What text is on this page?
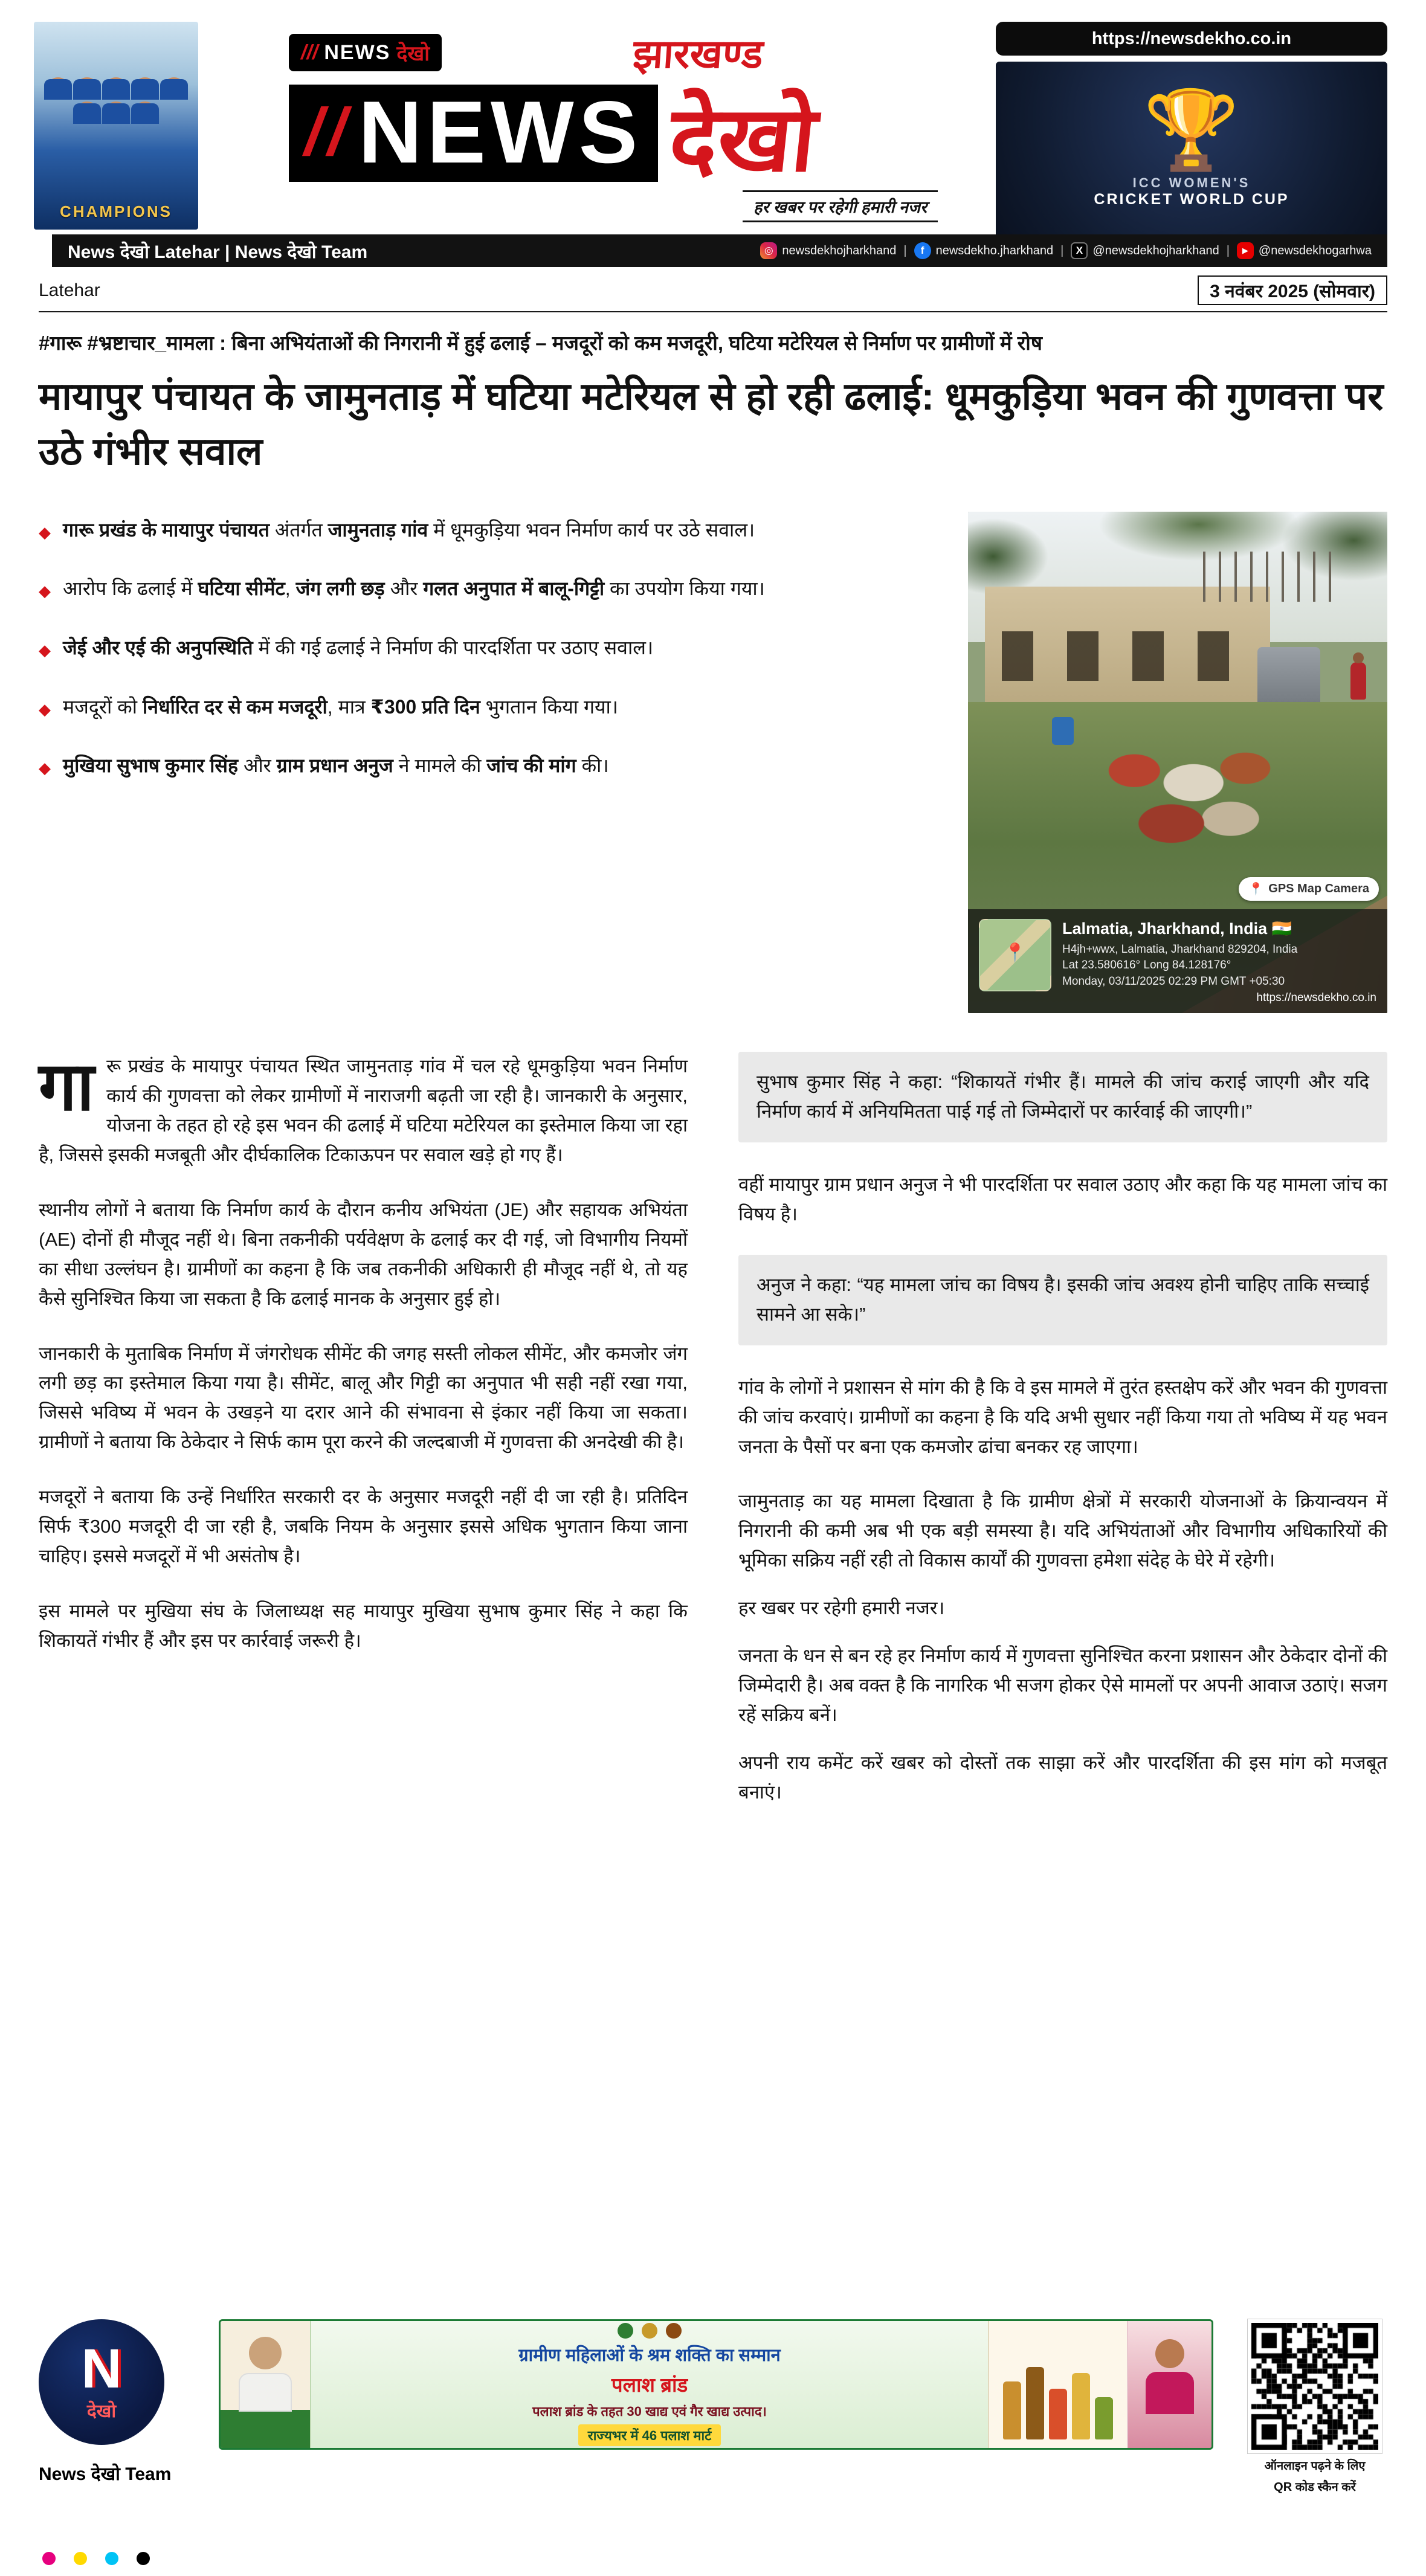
CHAMPIONS
/// NEWS देखो	झारखण्ड
// NEWS देखो
हर खबर पर रहेगी हमारी नजर
https://newsdekho.co.in
🏆
ICC WOMEN'S
CRICKET WORLD CUP
News देखो Latehar | News देखो Team	◎ newsdekhojharkhand |	f newsdekho.jharkhand |	X @newsdekhojharkhand |	▶ @newsdekhogarhwa
Latehar	3 नवंबर 2025 (सोमवार)
#गारू #भ्रष्टाचार_मामला : बिना अभियंताओं की निगरानी में हुई ढलाई – मजदूरों को कम मजदूरी, घटिया मटेरियल से निर्माण पर ग्रामीणों में रोष
मायापुर पंचायत के जामुनताड़ में घटिया मटेरियल से हो रही ढलाई: धूमकुड़िया भवन की गुणवत्ता पर उठे गंभीर सवाल
◆ गारू प्रखंड के मायापुर पंचायत अंतर्गत जामुनताड़ गांव में धूमकुड़िया भवन निर्माण कार्य पर उठे सवाल।
◆ आरोप कि ढलाई में घटिया सीमेंट, जंग लगी छड़ और गलत अनुपात में बालू-गिट्टी का उपयोग किया गया।
◆ जेई और एई की अनुपस्थिति में की गई ढलाई ने निर्माण की पारदर्शिता पर उठाए सवाल।
◆ मजदूरों को निर्धारित दर से कम मजदूरी, मात्र ₹300 प्रति दिन भुगतान किया गया।
◆ मुखिया सुभाष कुमार सिंह और ग्राम प्रधान अनुज ने मामले की जांच की मांग की।
📍 GPS Map Camera
📍
Lalmatia, Jharkhand, India 🇮🇳
H4jh+wwx, Lalmatia, Jharkhand 829204, India
Lat 23.580616° Long 84.128176°
Monday, 03/11/2025 02:29 PM GMT +05:30
https://newsdekho.co.in

गारू प्रखंड के मायापुर पंचायत स्थित जामुनताड़ गांव में चल रहे धूमकुड़िया भवन निर्माण कार्य की गुणवत्ता को लेकर ग्रामीणों में नाराजगी बढ़ती जा रही है। जानकारी के अनुसार, योजना के तहत हो रहे इस भवन की ढलाई में घटिया मटेरियल का इस्तेमाल किया जा रहा है, जिससे इसकी मजबूती और दीर्घकालिक टिकाऊपन पर सवाल खड़े हो गए हैं।

स्थानीय लोगों ने बताया कि निर्माण कार्य के दौरान कनीय अभियंता (JE) और सहायक अभियंता (AE) दोनों ही मौजूद नहीं थे। बिना तकनीकी पर्यवेक्षण के ढलाई कर दी गई, जो विभागीय नियमों का सीधा उल्लंघन है। ग्रामीणों का कहना है कि जब तकनीकी अधिकारी ही मौजूद नहीं थे, तो यह कैसे सुनिश्चित किया जा सकता है कि ढलाई मानक के अनुसार हुई हो।

जानकारी के मुताबिक निर्माण में जंगरोधक सीमेंट की जगह सस्ती लोकल सीमेंट, और कमजोर जंग लगी छड़ का इस्तेमाल किया गया है। सीमेंट, बालू और गिट्टी का अनुपात भी सही नहीं रखा गया, जिससे भविष्य में भवन के उखड़ने या दरार आने की संभावना से इंकार नहीं किया जा सकता। ग्रामीणों ने बताया कि ठेकेदार ने सिर्फ काम पूरा करने की जल्दबाजी में गुणवत्ता की अनदेखी की है।

मजदूरों ने बताया कि उन्हें निर्धारित सरकारी दर के अनुसार मजदूरी नहीं दी जा रही है। प्रतिदिन सिर्फ ₹300 मजदूरी दी जा रही है, जबकि नियम के अनुसार इससे अधिक भुगतान किया जाना चाहिए। इससे मजदूरों में भी असंतोष है।

इस मामले पर मुखिया संघ के जिलाध्यक्ष सह मायापुर मुखिया सुभाष कुमार सिंह ने कहा कि शिकायतें गंभीर हैं और इस पर कार्रवाई जरूरी है।

सुभाष कुमार सिंह ने कहा: “शिकायतें गंभीर हैं। मामले की जांच कराई जाएगी और यदि निर्माण कार्य में अनियमितता पाई गई तो जिम्मेदारों पर कार्रवाई की जाएगी।”

वहीं मायापुर ग्राम प्रधान अनुज ने भी पारदर्शिता पर सवाल उठाए और कहा कि यह मामला जांच का विषय है।

अनुज ने कहा: “यह मामला जांच का विषय है। इसकी जांच अवश्य होनी चाहिए ताकि सच्चाई सामने आ सके।”

गांव के लोगों ने प्रशासन से मांग की है कि वे इस मामले में तुरंत हस्तक्षेप करें और भवन की गुणवत्ता की जांच करवाएं। ग्रामीणों का कहना है कि यदि अभी सुधार नहीं किया गया तो भविष्य में यह भवन जनता के पैसों पर बना एक कमजोर ढांचा बनकर रह जाएगा।

जामुनताड़ का यह मामला दिखाता है कि ग्रामीण क्षेत्रों में सरकारी योजनाओं के क्रियान्वयन में निगरानी की कमी अब भी एक बड़ी समस्या है। यदि अभियंताओं और विभागीय अधिकारियों की भूमिका सक्रिय नहीं रही तो विकास कार्यों की गुणवत्ता हमेशा संदेह के घेरे में रहेगी।

हर खबर पर रहेगी हमारी नजर।

जनता के धन से बन रहे हर निर्माण कार्य में गुणवत्ता सुनिश्चित करना प्रशासन और ठेकेदार दोनों की जिम्मेदारी है। अब वक्त है कि नागरिक भी सजग होकर ऐसे मामलों पर अपनी आवाज उठाएं। सजग रहें सक्रिय बनें।

अपनी राय कमेंट करें खबर को दोस्तों तक साझा करें और पारदर्शिता की इस मांग को मजबूत बनाएं।

N
देखो
News देखो Team
ग्रामीण महिलाओं के श्रम शक्ति का सम्मान
पलाश ब्रांड
पलाश ब्रांड के तहत 30 खाद्य एवं गैर खाद्य उत्पाद।
राज्यभर में 46 पलाश मार्ट
ऑनलाइन पढ़ने के लिए
QR कोड स्कैन करें
